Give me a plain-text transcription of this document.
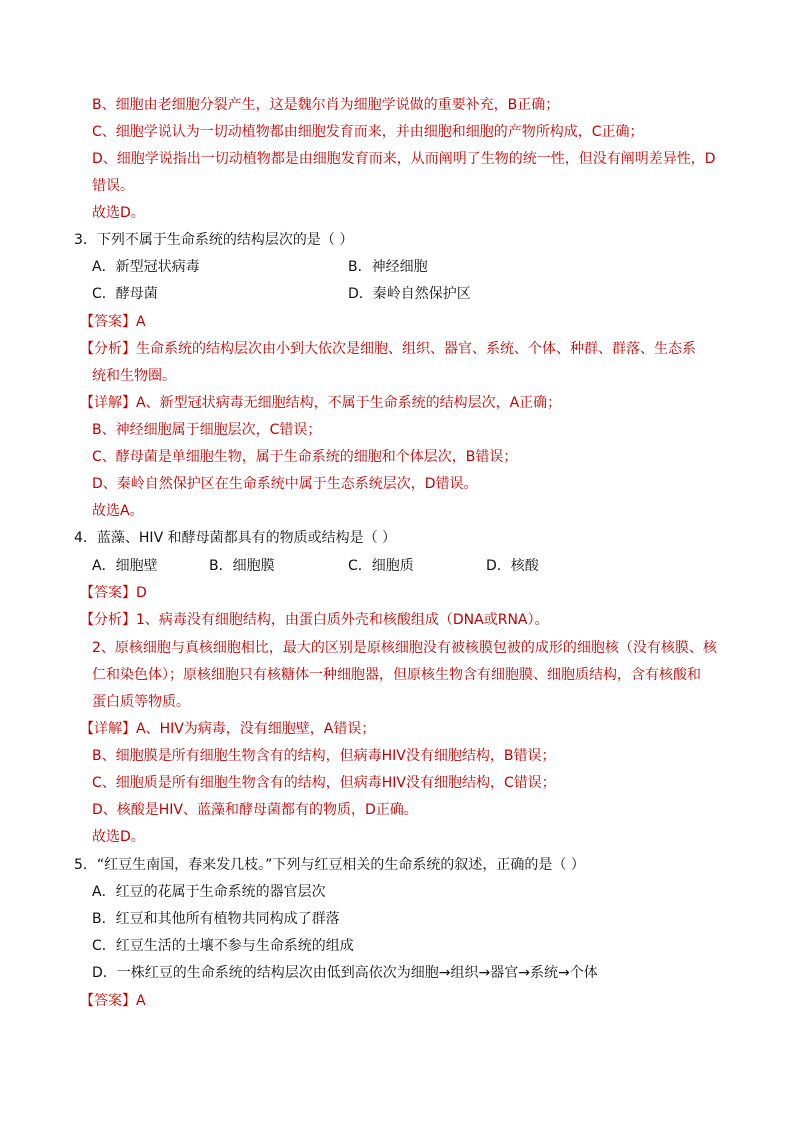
B、细胞由老细胞分裂产生，这是魏尔肖为细胞学说做的重要补充，B正确；
C、细胞学说认为一切动植物都由细胞发育而来，并由细胞和细胞的产物所构成，C正确；
D、细胞学说指出一切动植物都是由细胞发育而来，从而阐明了生物的统一性，但没有阐明差异性，D
错误。
故选D。
3．下列不属于生命系统的结构层次的是（ ）
A．新型冠状病毒	B．神经细胞
C．酵母菌	D．秦岭自然保护区
【答案】A
【分析】生命系统的结构层次由小到大依次是细胞、组织、器官、系统、个体、种群、群落、生态系
统和生物圈。
【详解】A、新型冠状病毒无细胞结构，不属于生命系统的结构层次，A正确；
B、神经细胞属于细胞层次，C错误；
C、酵母菌是单细胞生物，属于生命系统的细胞和个体层次，B错误；
D、秦岭自然保护区在生命系统中属于生态系统层次，D错误。
故选A。
4．蓝藻、HIV 和酵母菌都具有的物质或结构是（ ）
A．细胞壁	B．细胞膜	C．细胞质	D．核酸
【答案】D
【分析】1、病毒没有细胞结构，由蛋白质外壳和核酸组成（DNA或RNA）。
2、原核细胞与真核细胞相比，最大的区别是原核细胞没有被核膜包被的成形的细胞核（没有核膜、核
仁和染色体）；原核细胞只有核糖体一种细胞器，但原核生物含有细胞膜、细胞质结构，含有核酸和
蛋白质等物质。
【详解】A、HIV为病毒，没有细胞壁，A错误；
B、细胞膜是所有细胞生物含有的结构，但病毒HIV没有细胞结构，B错误；
C、细胞质是所有细胞生物含有的结构，但病毒HIV没有细胞结构，C错误；
D、核酸是HIV、蓝藻和酵母菌都有的物质，D正确。
故选D。
5．“红豆生南国，春来发几枝。”下列与红豆相关的生命系统的叙述，正确的是（ ）
A．红豆的花属于生命系统的器官层次
B．红豆和其他所有植物共同构成了群落
C．红豆生活的土壤不参与生命系统的组成
D．一株红豆的生命系统的结构层次由低到高依次为细胞→组织→器官→系统→个体
【答案】A
